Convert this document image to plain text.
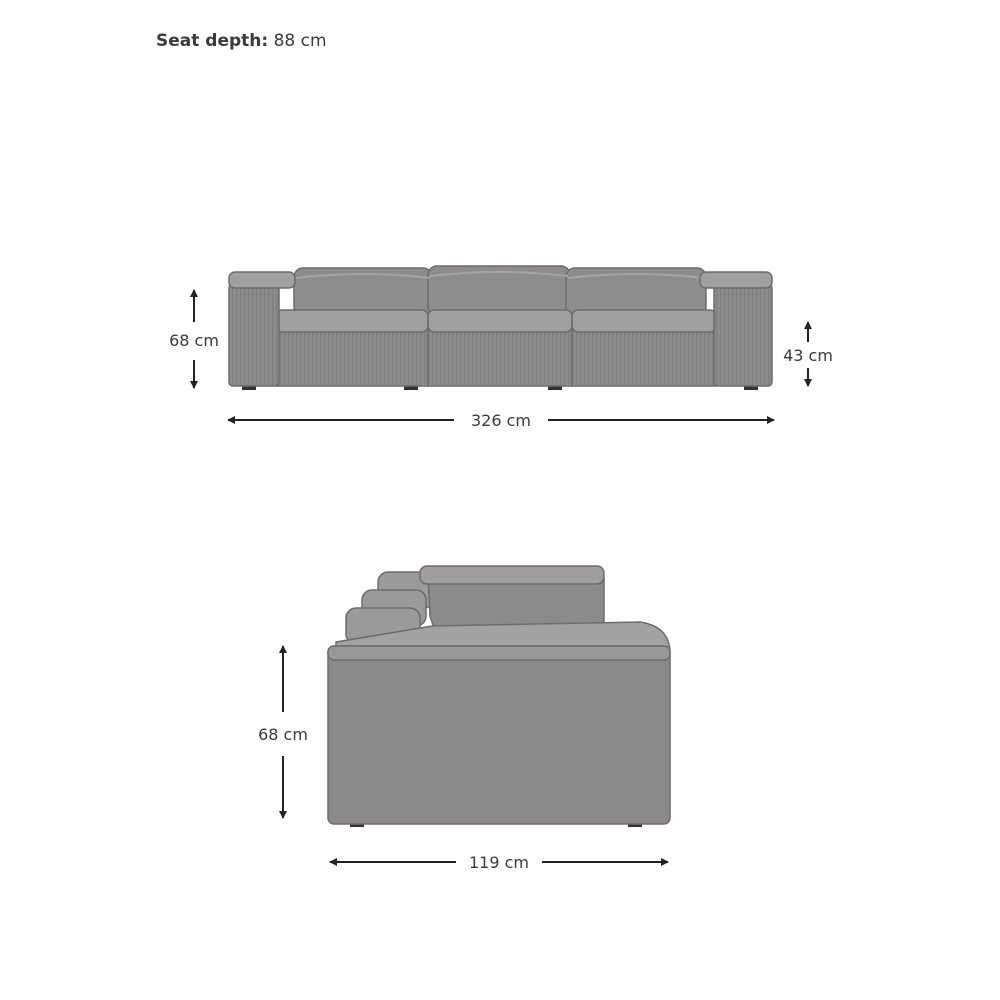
Seat depth: 88 cm
68 cm
43 cm
326 cm
68 cm
119 cm
